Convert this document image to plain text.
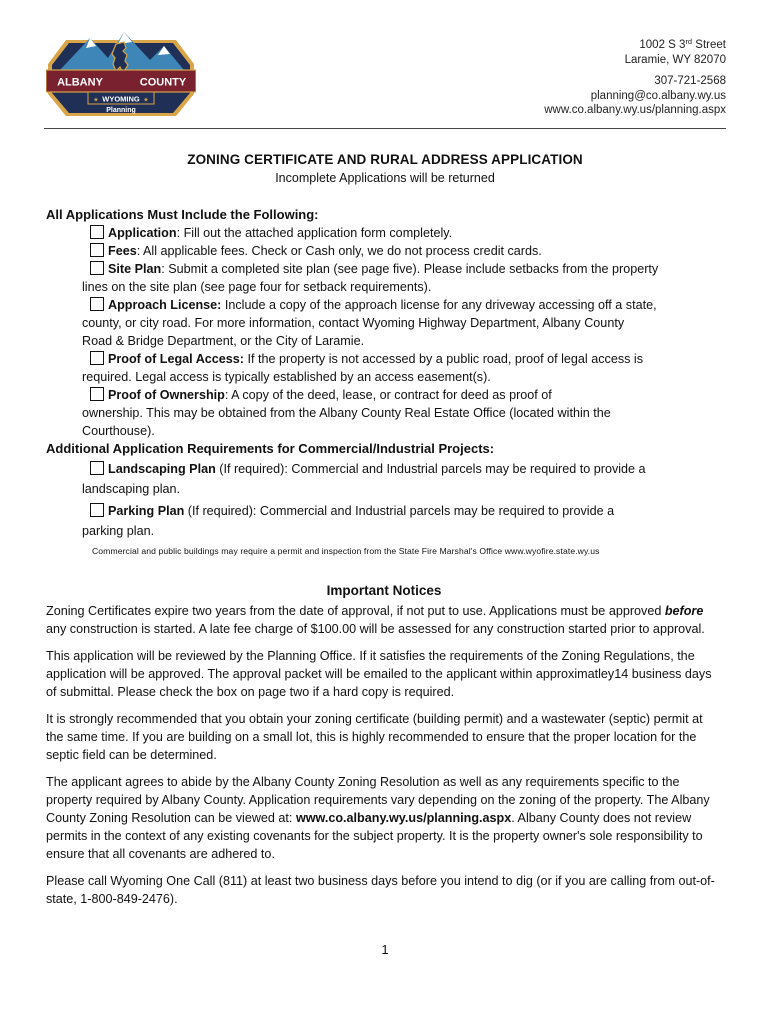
ALBANY	COUNTY
WYOMING
★	★
Planning
1002 S 3rd Street
Laramie, WY 82070
307-721-2568
planning@co.albany.wy.us
www.co.albany.wy.us/planning.aspx
ZONING CERTIFICATE AND RURAL ADDRESS APPLICATION
Incomplete Applications will be returned

All Applications Must Include the Following:

Application: Fill out the attached application form completely.

Fees: All applicable fees. Check or Cash only, we do not process credit cards.

Site Plan: Submit a completed site plan (see page five). Please include setbacks from the property

lines on the site plan (see page four for setback requirements).

Approach License: Include a copy of the approach license for any driveway accessing off a state,

county, or city road. For more information, contact Wyoming Highway Department, Albany County

Road & Bridge Department, or the City of Laramie.

Proof of Legal Access: If the property is not accessed by a public road, proof of legal access is

required. Legal access is typically established by an access easement(s).

Proof of Ownership: A copy of the deed, lease, or contract for deed as proof of

ownership. This may be obtained from the Albany County Real Estate Office (located within the

Courthouse).

Additional Application Requirements for Commercial/Industrial Projects:

Landscaping Plan (If required): Commercial and Industrial parcels may be required to provide a

landscaping plan.

Parking Plan (If required): Commercial and Industrial parcels may be required to provide a

parking plan.

Commercial and public buildings may require a permit and inspection from the State Fire Marshal's Office www.wyofire.state.wy.us
Important Notices

Zoning Certificates expire two years from the date of approval, if not put to use. Applications must be approved before any construction is started. A late fee charge of $100.00 will be assessed for any construction started prior to approval.

This application will be reviewed by the Planning Office. If it satisfies the requirements of the Zoning Regulations, the application will be approved. The approval packet will be emailed to the applicant within approximatley14 business days of submittal. Please check the box on page two if a hard copy is required.

It is strongly recommended that you obtain your zoning certificate (building permit) and a wastewater (septic) permit at the same time. If you are building on a small lot, this is highly recommended to ensure that the proper location for the septic field can be determined.

The applicant agrees to abide by the Albany County Zoning Resolution as well as any requirements specific to the property required by Albany County. Application requirements vary depending on the zoning of the property. The Albany County Zoning Resolution can be viewed at: www.co.albany.wy.us/planning.aspx. Albany County does not review permits in the context of any existing covenants for the subject property. It is the property owner's sole responsibility to ensure that all covenants are adhered to.

Please call Wyoming One Call (811) at least two business days before you intend to dig (or if you are calling from out-of-state, 1-800-849-2476).

1
